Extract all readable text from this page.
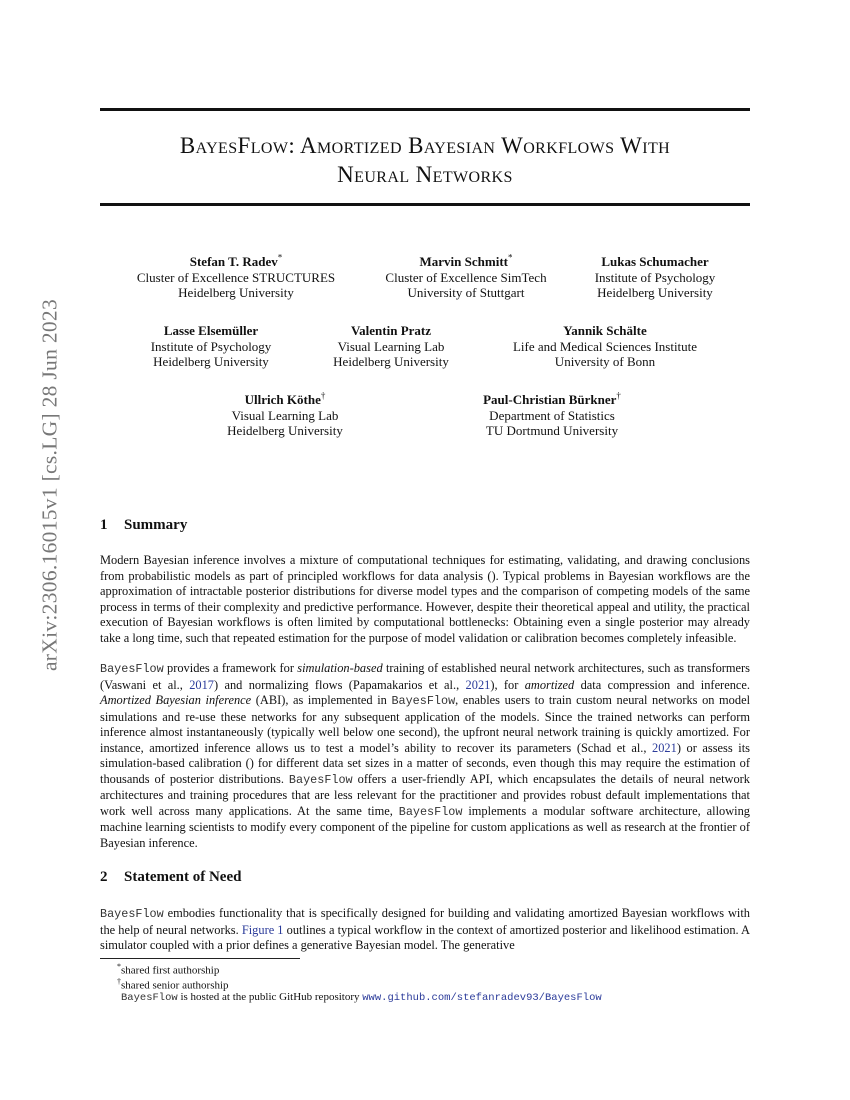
arXiv:2306.16015v1 [cs.LG] 28 Jun 2023
BayesFlow: Amortized Bayesian Workflows With
Neural Networks
Stefan T. Radev*
Cluster of Excellence STRUCTURES
Heidelberg University
Marvin Schmitt*
Cluster of Excellence SimTech
University of Stuttgart
Lukas Schumacher
Institute of Psychology
Heidelberg University
Lasse Elsemüller
Institute of Psychology
Heidelberg University
Valentin Pratz
Visual Learning Lab
Heidelberg University
Yannik Schälte
Life and Medical Sciences Institute
University of Bonn
Ullrich Köthe†
Visual Learning Lab
Heidelberg University
Paul-Christian Bürkner†
Department of Statistics
TU Dortmund University
1 Summary

Modern Bayesian inference involves a mixture of computational techniques for estimating, validating, and drawing conclusions from probabilistic models as part of principled workflows for data analysis (). Typical problems in Bayesian workflows are the approximation of intractable posterior distributions for diverse model types and the comparison of competing models of the same process in terms of their complexity and predictive performance. However, despite their theoretical appeal and utility, the practical execution of Bayesian workflows is often limited by computational bottlenecks: Obtaining even a single posterior may already take a long time, such that repeated estimation for the purpose of model validation or calibration becomes completely infeasible.

BayesFlow provides a framework for simulation-based training of established neural network architectures, such as transformers (Vaswani et al., 2017) and normalizing flows (Papamakarios et al., 2021), for amortized data compression and inference. Amortized Bayesian inference (ABI), as implemented in BayesFlow, enables users to train custom neural networks on model simulations and re-use these networks for any subsequent application of the models. Since the trained networks can perform inference almost instantaneously (typically well below one second), the upfront neural network training is quickly amortized. For instance, amortized inference allows us to test a model’s ability to recover its parameters (Schad et al., 2021) or assess its simulation-based calibration () for different data set sizes in a matter of seconds, even though this may require the estimation of thousands of posterior distributions. BayesFlow offers a user-friendly API, which encapsulates the details of neural network architectures and training procedures that are less relevant for the practitioner and provides robust default implementations that work well across many applications. At the same time, BayesFlow implements a modular software architecture, allowing machine learning scientists to modify every component of the pipeline for custom applications as well as research at the frontier of Bayesian inference.

2 Statement of Need

BayesFlow embodies functionality that is specifically designed for building and validating amortized Bayesian workflows with the help of neural networks. Figure 1 outlines a typical workflow in the context of amortized posterior and likelihood estimation. A simulator coupled with a prior defines a generative Bayesian model. The generative

*shared first authorship
†shared senior authorship
BayesFlow is hosted at the public GitHub repository www.github.com/stefanradev93/BayesFlow
